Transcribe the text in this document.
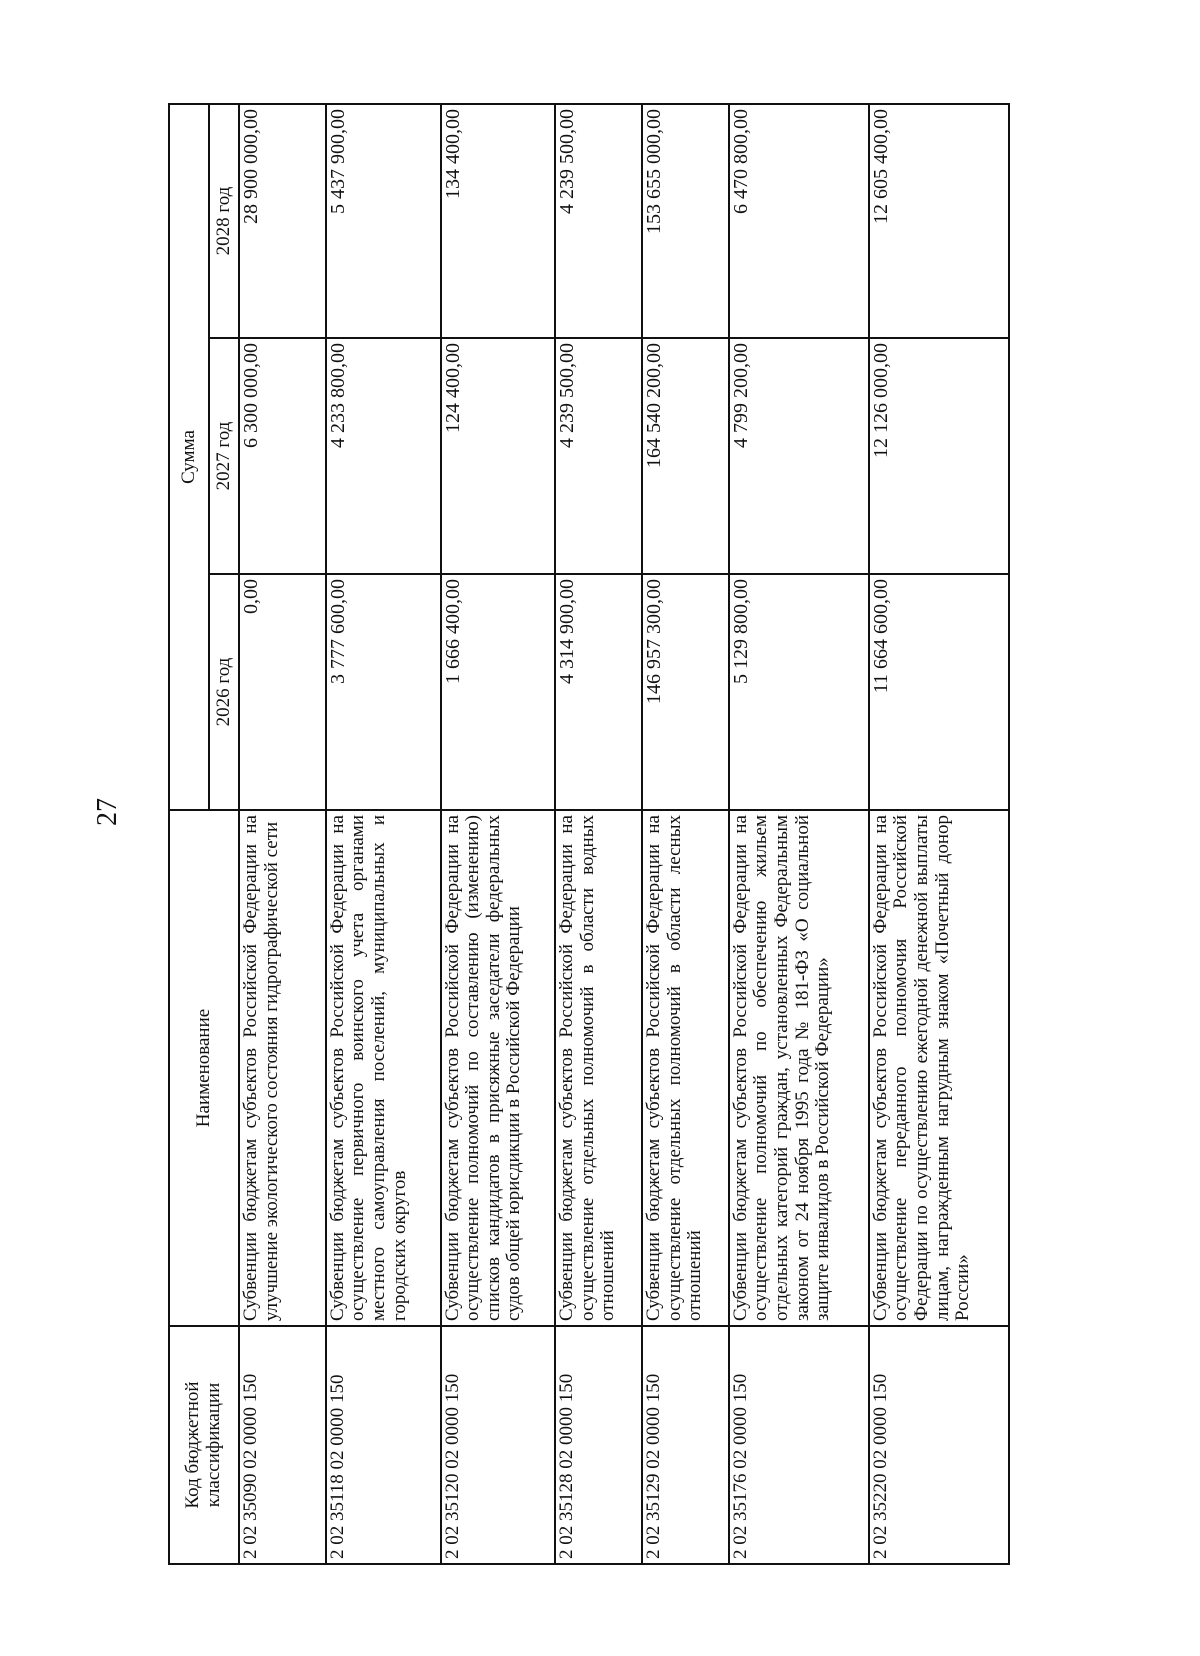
27
Код бюджетной классификации	Наименование	Сумма		
		2026 год	2027 год	2028 год
2 02 35090 02 0000 150	Субвенции бюджетам субъектов Российской Федерации на улучшение экологического состояния гидрографической сети	0,00	6 300 000,00	28 900 000,00
2 02 35118 02 0000 150	Субвенции бюджетам субъектов Российской Федерации на осуществление первичного воинского учета органами местного самоуправления поселений, муниципальных и городских округов	3 777 600,00	4 233 800,00	5 437 900,00
2 02 35120 02 0000 150	Субвенции бюджетам субъектов Российской Федерации на осуществление полномочий по составлению (изменению) списков кандидатов в присяжные заседатели федеральных судов общей юрисдикции в Российской Федерации	1 666 400,00	124 400,00	134 400,00
2 02 35128 02 0000 150	Субвенции бюджетам субъектов Российской Федерации на осуществление отдельных полномочий в области водных отношений	4 314 900,00	4 239 500,00	4 239 500,00
2 02 35129 02 0000 150	Субвенции бюджетам субъектов Российской Федерации на осуществление отдельных полномочий в области лесных отношений	146 957 300,00	164 540 200,00	153 655 000,00
2 02 35176 02 0000 150	Субвенции бюджетам субъектов Российской Федерации на осуществление полномочий по обеспечению жильем отдельных категорий граждан, установленных Федеральным законом от 24 ноября 1995 года № 181-ФЗ «О социальной защите инвалидов в Российской Федерации»	5 129 800,00	4 799 200,00	6 470 800,00
2 02 35220 02 0000 150	Субвенции бюджетам субъектов Российской Федерации на осуществление переданного полномочия Российской Федерации по осуществлению ежегодной денежной выплаты лицам, награжденным нагрудным знаком «Почетный донор России»	11 664 600,00	12 126 000,00	12 605 400,00
